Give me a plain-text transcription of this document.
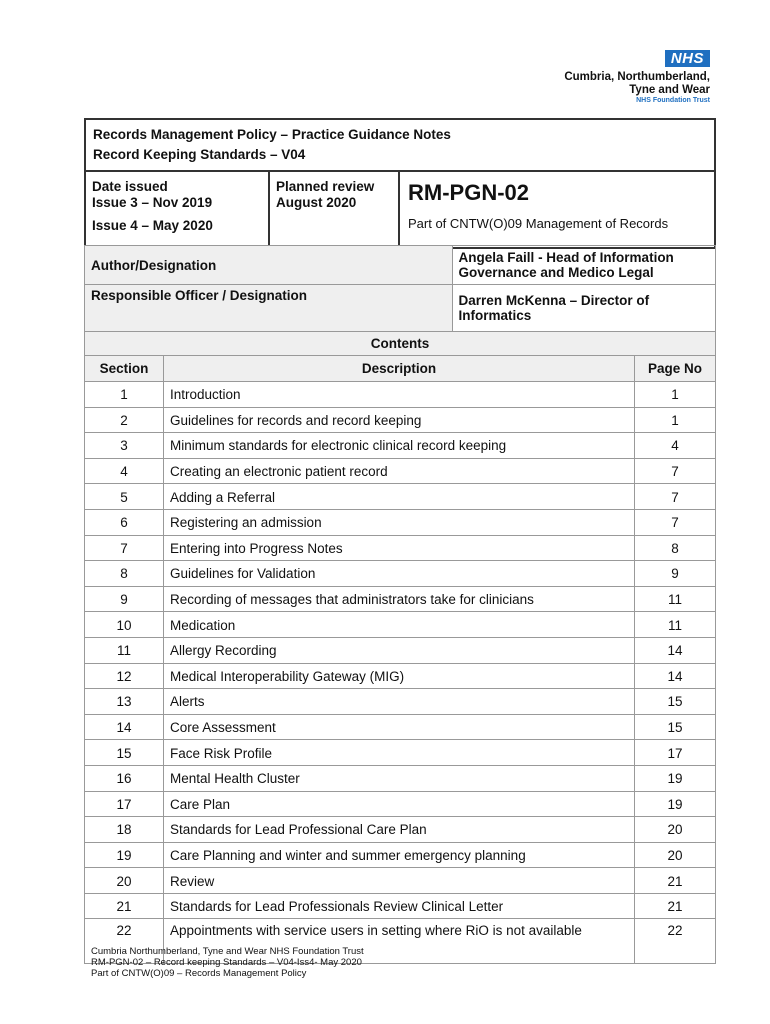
NHS
Cumbria, Northumberland,
Tyne and Wear
NHS Foundation Trust
Records Management Policy – Practice Guidance Notes
Record Keeping Standards – V04

Date issued
Issue 3 – Nov 2019
Issue 4 – May 2020

Planned review
August 2020	RM-PGN-02
Part of CNTW(O)09 Management of Records
Author/Designation		Angela Faill - Head of Information Governance and Medico Legal	
Responsible Officer / Designation		Darren McKenna – Director of Informatics	
Contents			
Section	Description		Page No
1	Introduction		1
2	Guidelines for records and record keeping		1
3	Minimum standards for electronic clinical record keeping		4
4	Creating an electronic patient record		7
5	Adding a Referral		7
6	Registering an admission		7
7	Entering into Progress Notes		8
8	Guidelines for Validation		9
9	Recording of messages that administrators take for clinicians		11
10	Medication		11
11	Allergy Recording		14
12	Medical Interoperability Gateway (MIG)		14
13	Alerts		15
14	Core Assessment		15
15	Face Risk Profile		17
16	Mental Health Cluster		19
17	Care Plan		19
18	Standards for Lead Professional Care Plan		20
19	Care Planning and winter and summer emergency planning		20
20	Review		21
21	Standards for Lead Professionals Review Clinical Letter		21
22	Appointments with service users in setting where RiO is not available		22
Cumbria Northumberland, Tyne and Wear NHS Foundation Trust
RM-PGN-02 – Record keeping Standards – V04-Iss4- May 2020
Part of CNTW(O)09 – Records Management Policy
